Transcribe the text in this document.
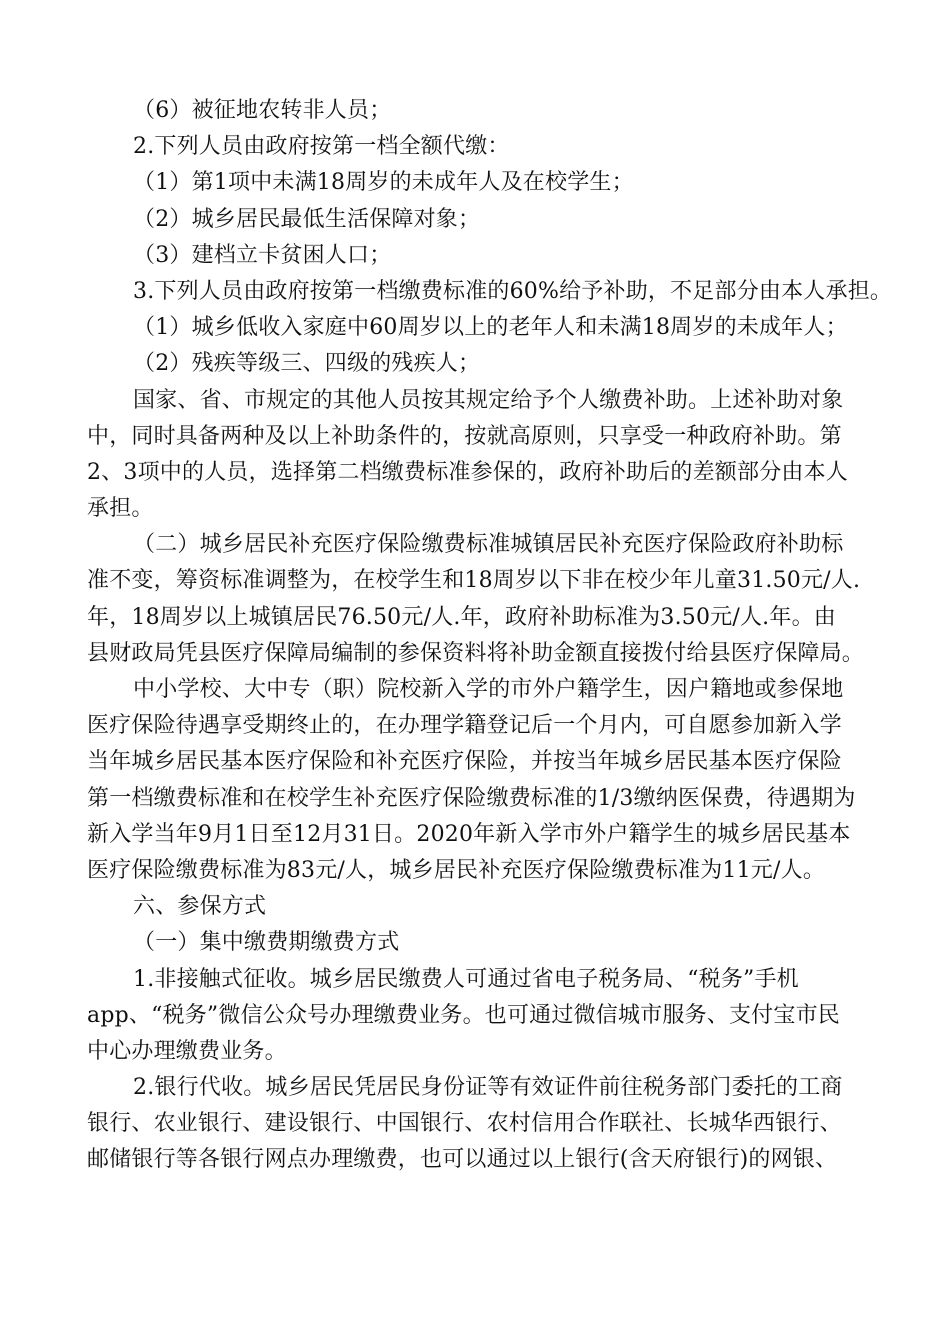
（6）被征地农转非人员；
2.下列人员由政府按第一档全额代缴：
（1）第1项中未满18周岁的未成年人及在校学生；
（2）城乡居民最低生活保障对象；
（3）建档立卡贫困人口；
3.下列人员由政府按第一档缴费标准的60%给予补助，不足部分由本人承担。
（1）城乡低收入家庭中60周岁以上的老年人和未满18周岁的未成年人；
（2）残疾等级三、四级的残疾人；
国家、省、市规定的其他人员按其规定给予个人缴费补助。上述补助对象
中，同时具备两种及以上补助条件的，按就高原则，只享受一种政府补助。第
2、3项中的人员，选择第二档缴费标准参保的，政府补助后的差额部分由本人
承担。
（二）城乡居民补充医疗保险缴费标准城镇居民补充医疗保险政府补助标
准不变，筹资标准调整为，在校学生和18周岁以下非在校少年儿童31.50元/人.
年，18周岁以上城镇居民76.50元/人.年，政府补助标准为3.50元/人.年。由
县财政局凭县医疗保障局编制的参保资料将补助金额直接拨付给县医疗保障局。
中小学校、大中专（职）院校新入学的市外户籍学生，因户籍地或参保地
医疗保险待遇享受期终止的，在办理学籍登记后一个月内，可自愿参加新入学
当年城乡居民基本医疗保险和补充医疗保险，并按当年城乡居民基本医疗保险
第一档缴费标准和在校学生补充医疗保险缴费标准的1/3缴纳医保费，待遇期为
新入学当年9月1日至12月31日。2020年新入学市外户籍学生的城乡居民基本
医疗保险缴费标准为83元/人，城乡居民补充医疗保险缴费标准为11元/人。
六、参保方式
（一）集中缴费期缴费方式
1.非接触式征收。城乡居民缴费人可通过省电子税务局、“税务”手机
app、“税务”微信公众号办理缴费业务。也可通过微信城市服务、支付宝市民
中心办理缴费业务。
2.银行代收。城乡居民凭居民身份证等有效证件前往税务部门委托的工商
银行、农业银行、建设银行、中国银行、农村信用合作联社、长城华西银行、
邮储银行等各银行网点办理缴费，也可以通过以上银行(含天府银行)的网银、
